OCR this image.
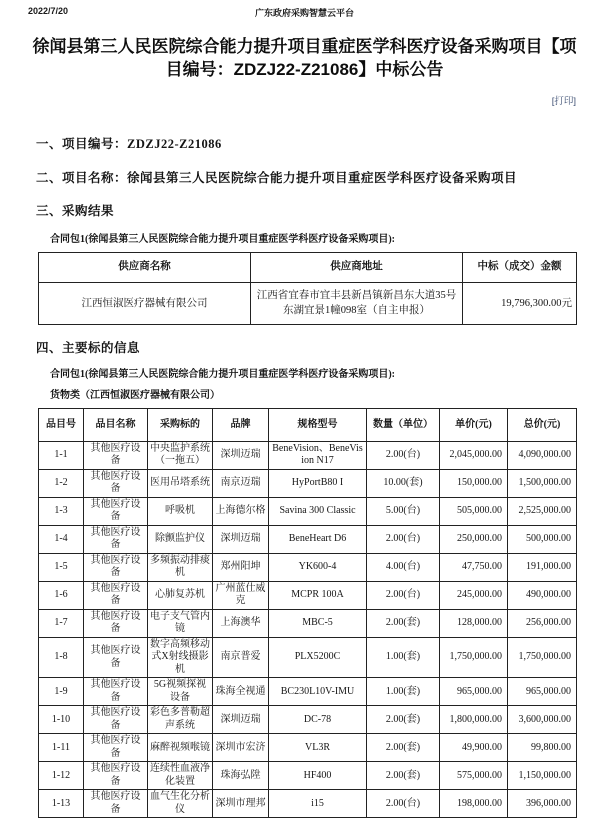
2022/7/20	广东政府采购智慧云平台
徐闻县第三人民医院综合能力提升项目重症医学科医疗设备采购项目【项目编号：ZDZJ22-Z21086】中标公告
[打印]
一、项目编号：ZDZJ22-Z21086
二、项目名称：徐闻县第三人民医院综合能力提升项目重症医学科医疗设备采购项目
三、采购结果
合同包1(徐闻县第三人民医院综合能力提升项目重症医学科医疗设备采购项目):
供应商名称	供应商地址	中标（成交）金额
江西恒淑医疗器械有限公司	江西省宜春市宜丰县新昌镇新昌东大道35号东湖宜景1幢098室（自主申报）	19,796,300.00元
四、主要标的信息
合同包1(徐闻县第三人民医院综合能力提升项目重症医学科医疗设备采购项目):
货物类（江西恒淑医疗器械有限公司）
品目号	品目名称	采购标的	品牌	规格型号	数量（单位）	单价(元)	总价(元)
1-1	其他医疗设备	中央监护系统（一拖五）	深圳迈瑞	BeneVision、BeneVision N17	2.00(台)	2,045,000.00	4,090,000.00
1-2	其他医疗设备	医用吊塔系统	南京迈瑞	HyPortB80 I	10.00(套)	150,000.00	1,500,000.00
1-3	其他医疗设备	呼吸机	上海德尔格	Savina 300 Classic	5.00(台)	505,000.00	2,525,000.00
1-4	其他医疗设备	除颤监护仪	深圳迈瑞	BeneHeart D6	2.00(台)	250,000.00	500,000.00
1-5	其他医疗设备	多频振动排痰机	郑州阳坤	YK600-4	4.00(台)	47,750.00	191,000.00
1-6	其他医疗设备	心肺复苏机	广州蓝仕威克	MCPR 100A	2.00(台)	245,000.00	490,000.00
1-7	其他医疗设备	电子支气管内镜	上海澳华	MBC-5	2.00(套)	128,000.00	256,000.00
1-8	其他医疗设备	数字高频移动式X射线摄影机	南京普爱	PLX5200C	1.00(套)	1,750,000.00	1,750,000.00
1-9	其他医疗设备	5G视频探视设备	珠海全视通	BC230L10V-IMU	1.00(套)	965,000.00	965,000.00
1-10	其他医疗设备	彩色多普勒超声系统	深圳迈瑞	DC-78	2.00(套)	1,800,000.00	3,600,000.00
1-11	其他医疗设备	麻醉视频喉镜	深圳市宏济	VL3R	2.00(套)	49,900.00	99,800.00
1-12	其他医疗设备	连续性血液净化装置	珠海弘陞	HF400	2.00(套)	575,000.00	1,150,000.00
1-13	其他医疗设备	血气生化分析仪	深圳市理邦	i15	2.00(台)	198,000.00	396,000.00
